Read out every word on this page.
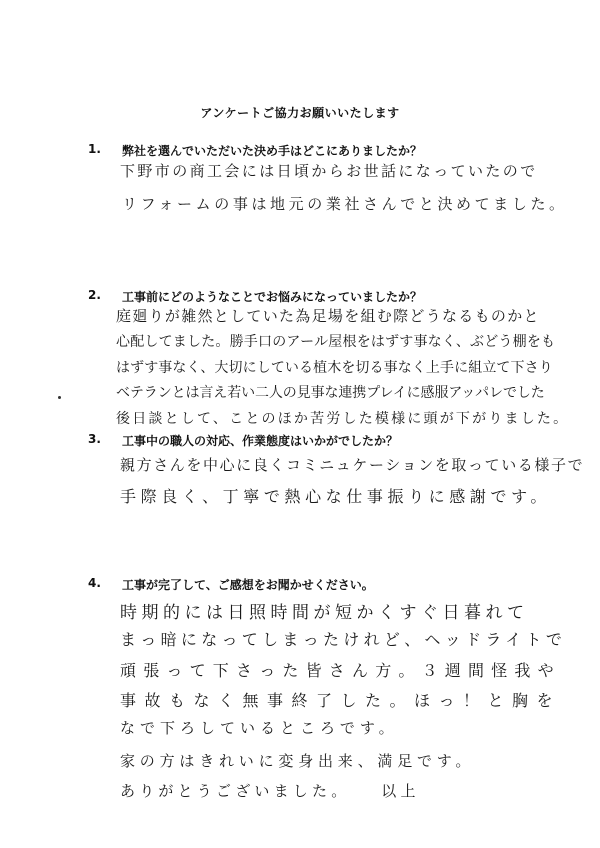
アンケートご協力お願いいたします
1. 弊社を選んでいただいた決め手はどこにありましたか？
下野市の商工会には日頃からお世話になっていたので
リフォームの事は地元の業社さんでと決めてました。
2. 工事前にどのようなことでお悩みになっていましたか？
庭廻りが雑然としていた為足場を組む際どうなるものかと
心配してました。勝手口のアール屋根をはずす事なく、ぶどう棚をも
はずす事なく、大切にしている植木を切る事なく上手に組立て下さり
ベテランとは言え若い二人の見事な連携プレイに感服アッパレでした
後日談として、ことのほか苦労した模様に頭が下がりました。
3. 工事中の職人の対応、作業態度はいかがでしたか？
親方さんを中心に良くコミニュケーションを取っている様子で
手際良く、丁寧で熱心な仕事振りに感謝です。
4. 工事が完了して、ご感想をお聞かせください。
時期的には日照時間が短かくすぐ日暮れて
まっ暗になってしまったけれど、ヘッドライトで
頑張って下さった皆さん方。３週間怪我や
事故もなく無事終了した。ほっ！と胸を
なで下ろしているところです。
家の方はきれいに変身出来、満足です。
ありがとうございました。　　以上
